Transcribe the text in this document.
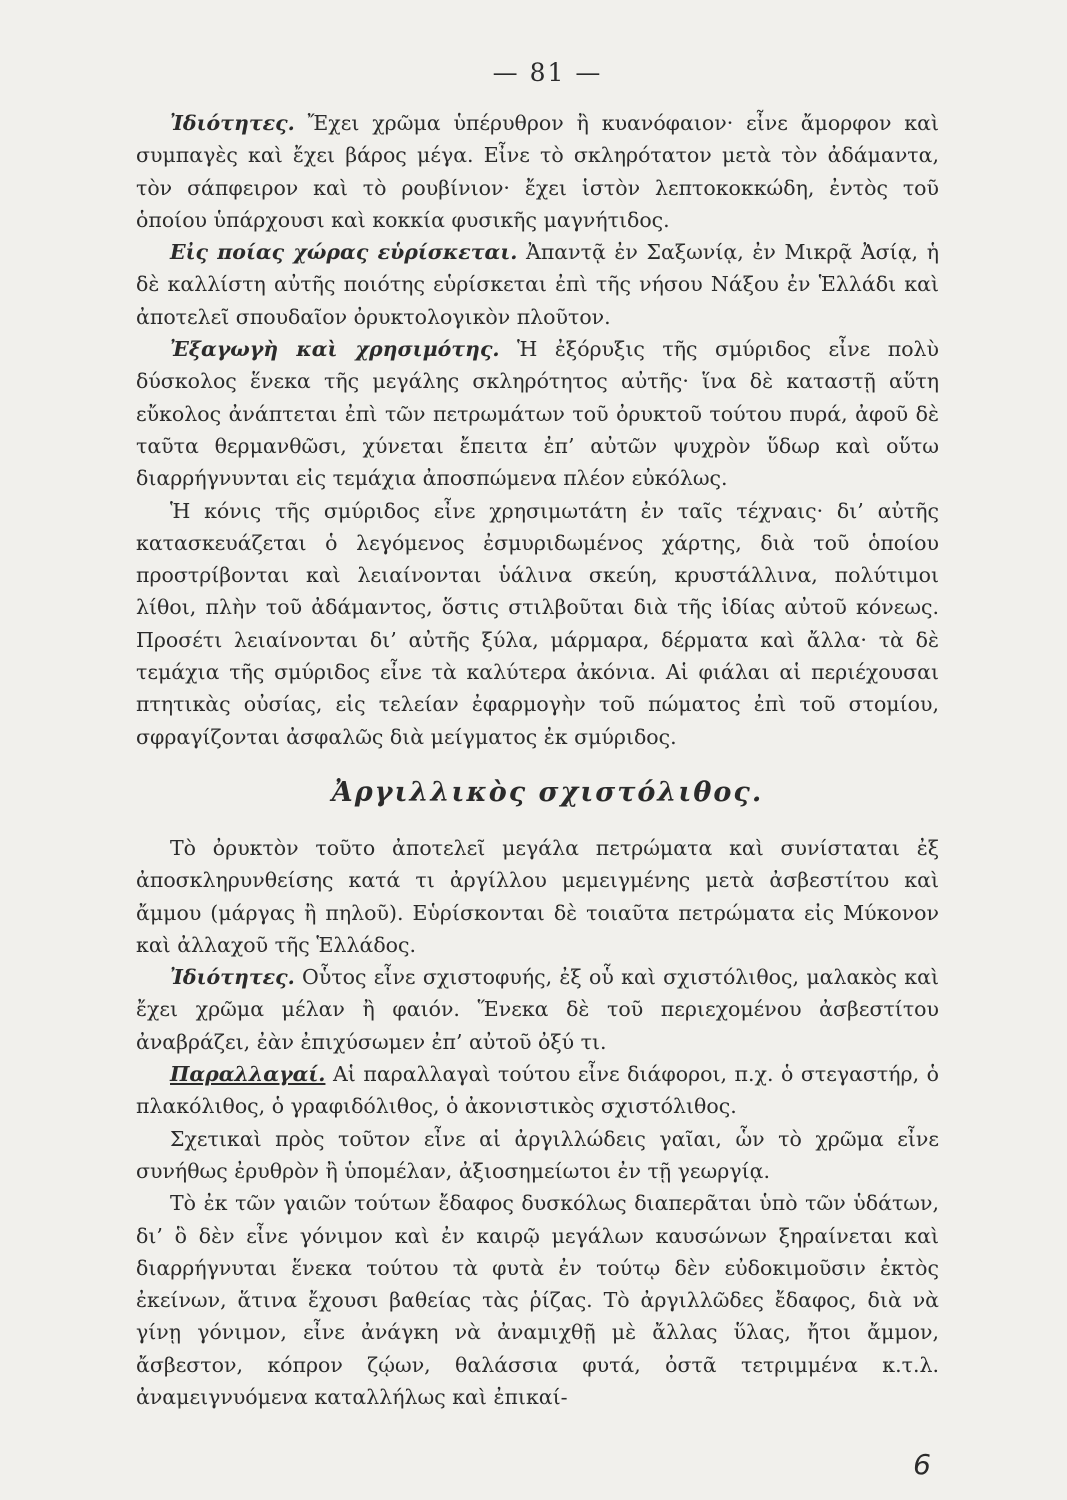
— 81 —

Ἰδιότητες. Ἔχει χρῶμα ὑπέρυθρον ἢ κυανόφαιον· εἶνε ἄμορφον καὶ συμπαγὲς καὶ ἔχει βάρος μέγα. Εἶνε τὸ σκληρότατον μετὰ τὸν ἀδάμαντα, τὸν σάπφειρον καὶ τὸ ρουβίνιον· ἔχει ἱστὸν λεπτοκοκκώδη, ἐντὸς τοῦ ὁποίου ὑπάρχουσι καὶ κοκκία φυσικῆς μαγνήτιδος.

Εἰς ποίας χώρας εὑρίσκεται. Ἀπαντᾷ ἐν Σαξωνίᾳ, ἐν Μικρᾷ Ἀσίᾳ, ἡ δὲ καλλίστη αὐτῆς ποιότης εὑρίσκεται ἐπὶ τῆς νήσου Νάξου ἐν Ἑλλάδι καὶ ἀποτελεῖ σπουδαῖον ὀρυκτολογικὸν πλοῦτον.

Ἐξαγωγὴ καὶ χρησιμότης. Ἡ ἐξόρυξις τῆς σμύριδος εἶνε πολὺ δύσκολος ἕνεκα τῆς μεγάλης σκληρότητος αὐτῆς· ἵνα δὲ καταστῇ αὕτη εὔκολος ἀνάπτεται ἐπὶ τῶν πετρωμάτων τοῦ ὀρυκτοῦ τούτου πυρά, ἀφοῦ δὲ ταῦτα θερμανθῶσι, χύνεται ἔπειτα ἐπ’ αὐτῶν ψυχρὸν ὕδωρ καὶ οὕτω διαρρήγνυνται εἰς τεμάχια ἀποσπώμενα πλέον εὐκόλως.

Ἡ κόνις τῆς σμύριδος εἶνε χρησιμωτάτη ἐν ταῖς τέχναις· δι’ αὐτῆς κατασκευάζεται ὁ λεγόμενος ἐσμυριδωμένος χάρτης, διὰ τοῦ ὁποίου προστρίβονται καὶ λειαίνονται ὑάλινα σκεύη, κρυστάλλινα, πολύτιμοι λίθοι, πλὴν τοῦ ἀδάμαντος, ὅστις στιλβοῦται διὰ τῆς ἰδίας αὐτοῦ κόνεως. Προσέτι λειαίνονται δι’ αὐτῆς ξύλα, μάρμαρα, δέρματα καὶ ἄλλα· τὰ δὲ τεμάχια τῆς σμύριδος εἶνε τὰ καλύτερα ἀκόνια. Αἱ φιάλαι αἱ περιέχουσαι πτητικὰς οὐσίας, εἰς τελείαν ἐφαρμογὴν τοῦ πώματος ἐπὶ τοῦ στομίου, σφραγίζονται ἀσφαλῶς διὰ μείγματος ἐκ σμύριδος.

Ἀργιλλικὸς σχιστόλιθος.

Τὸ ὀρυκτὸν τοῦτο ἀποτελεῖ μεγάλα πετρώματα καὶ συνίσταται ἐξ ἀποσκληρυνθείσης κατά τι ἀργίλλου μεμειγμένης μετὰ ἀσβεστίτου καὶ ἄμμου (μάργας ἢ πηλοῦ). Εὑρίσκονται δὲ τοιαῦτα πετρώματα εἰς Μύκονον καὶ ἀλλαχοῦ τῆς Ἑλλάδος.

Ἰδιότητες. Οὗτος εἶνε σχιστοφυής, ἐξ οὗ καὶ σχιστόλιθος, μαλακὸς καὶ ἔχει χρῶμα μέλαν ἢ φαιόν. Ἕνεκα δὲ τοῦ περιεχομένου ἀσβεστίτου ἀναβράζει, ἐὰν ἐπιχύσωμεν ἐπ’ αὐτοῦ ὀξύ τι.

Παραλλαγαί. Αἱ παραλλαγαὶ τούτου εἶνε διάφοροι, π.χ. ὁ στεγαστήρ, ὁ πλακόλιθος, ὁ γραφιδόλιθος, ὁ ἀκονιστικὸς σχιστόλιθος.

Σχετικαὶ πρὸς τοῦτον εἶνε αἱ ἀργιλλώδεις γαῖαι, ὧν τὸ χρῶμα εἶνε συνήθως ἐρυθρὸν ἢ ὑπομέλαν, ἀξιοσημείωτοι ἐν τῇ γεωργίᾳ.

Τὸ ἐκ τῶν γαιῶν τούτων ἔδαφος δυσκόλως διαπερᾶται ὑπὸ τῶν ὑδάτων, δι’ ὃ δὲν εἶνε γόνιμον καὶ ἐν καιρῷ μεγάλων καυσώνων ξηραίνεται καὶ διαρρήγνυται ἕνεκα τούτου τὰ φυτὰ ἐν τούτῳ δὲν εὐδοκιμοῦσιν ἐκτὸς ἐκείνων, ἅτινα ἔχουσι βαθείας τὰς ῥίζας. Τὸ ἀργιλλῶδες ἔδαφος, διὰ νὰ γίνῃ γόνιμον, εἶνε ἀνάγκη νὰ ἀναμιχθῇ μὲ ἄλλας ὕλας, ἤτοι ἄμμον, ἄσβεστον, κόπρον ζῴων, θαλάσσια φυτά, ὀστᾶ τετριμμένα κ.τ.λ. ἀναμειγνυόμενα καταλλήλως καὶ ἐπικαί-

6
